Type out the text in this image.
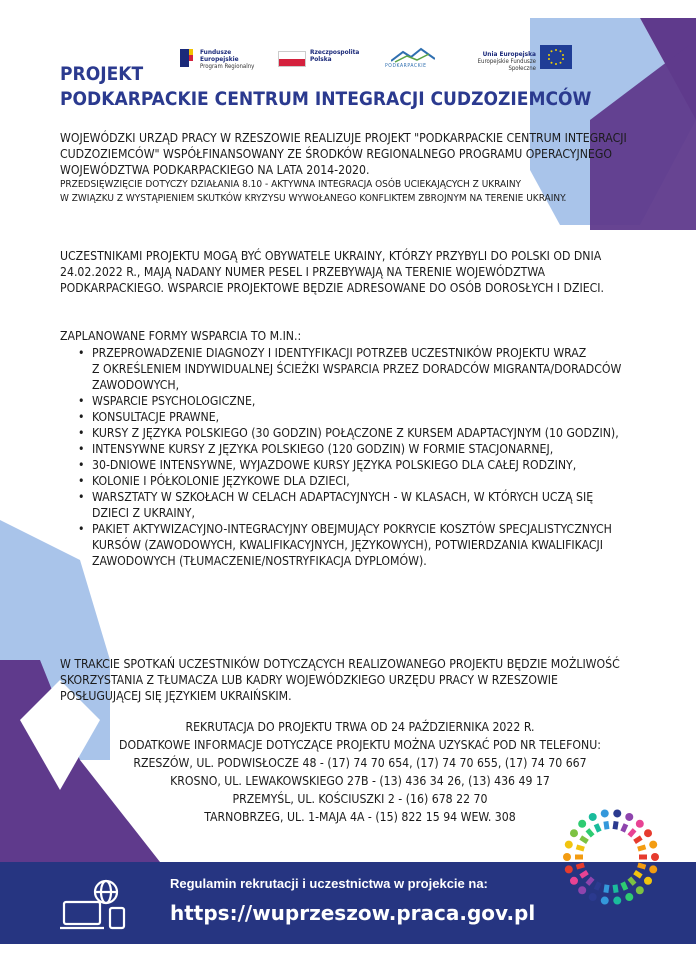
Fundusze Europejskie
Program Regionalny
Rzeczpospolita Polska
PODKARPACKIE
Unia Europejska
Europejskie Fundusze Społeczne
PROJEKT
PODKARPACKIE CENTRUM INTEGRACJI CUDZOZIEMCÓW
WOJEWÓDZKI URZĄD PRACY W RZESZOWIE REALIZUJE PROJEKT "PODKARPACKIE CENTRUM INTEGRACJI
CUDZOZIEMCÓW" WSPÓŁFINANSOWANY ZE ŚRODKÓW REGIONALNEGO PROGRAMU OPERACYJNEGO
WOJEWÓDZTWA PODKARPACKIEGO NA LATA 2014-2020.
PRZEDSIĘWZIĘCIE DOTYCZY DZIAŁANIA 8.10 - AKTYWNA INTEGRACJA OSÓB UCIEKAJĄCYCH Z UKRAINY
W ZWIĄZKU Z WYSTĄPIENIEM SKUTKÓW KRYZYSU WYWOŁANEGO KONFLIKTEM ZBROJNYM NA TERENIE UKRAINY.
UCZESTNIKAMI PROJEKTU MOGĄ BYĆ OBYWATELE UKRAINY, KTÓRZY PRZYBYLI DO POLSKI OD DNIA
24.02.2022 R., MAJĄ NADANY NUMER PESEL I PRZEBYWAJĄ NA TERENIE WOJEWÓDZTWA
PODKARPACKIEGO. WSPARCIE PROJEKTOWE BĘDZIE ADRESOWANE DO OSÓB DOROSŁYCH I DZIECI.
ZAPLANOWANE FORMY WSPARCIA TO M.IN.:
• PRZEPROWADZENIE DIAGNOZY I IDENTYFIKACJI POTRZEB UCZESTNIKÓW PROJEKTU WRAZ
Z OKREŚLENIEM INDYWIDUALNEJ ŚCIEŻKI WSPARCIA PRZEZ DORADCÓW MIGRANTA/DORADCÓW
ZAWODOWYCH,
• WSPARCIE PSYCHOLOGICZNE,
• KONSULTACJE PRAWNE,
• KURSY Z JĘZYKA POLSKIEGO (30 GODZIN) POŁĄCZONE Z KURSEM ADAPTACYJNYM (10 GODZIN),
• INTENSYWNE KURSY Z JĘZYKA POLSKIEGO (120 GODZIN) W FORMIE STACJONARNEJ,
• 30-DNIOWE INTENSYWNE, WYJAZDOWE KURSY JĘZYKA POLSKIEGO DLA CAŁEJ RODZINY,
• KOLONIE I PÓŁKOLONIE JĘZYKOWE DLA DZIECI,
• WARSZTATY W SZKOŁACH W CELACH ADAPTACYJNYCH - W KLASACH, W KTÓRYCH UCZĄ SIĘ
DZIECI Z UKRAINY,
• PAKIET AKTYWIZACYJNO-INTEGRACYJNY OBEJMUJĄCY POKRYCIE KOSZTÓW SPECJALISTYCZNYCH
KURSÓW (ZAWODOWYCH, KWALIFIKACYJNYCH, JĘZYKOWYCH), POTWIERDZANIA KWALIFIKACJI
ZAWODOWYCH (TŁUMACZENIE/NOSTRYFIKACJA DYPLOMÓW).
W TRAKCIE SPOTKAŃ UCZESTNIKÓW DOTYCZĄCYCH REALIZOWANEGO PROJEKTU BĘDZIE MOŻLIWOŚĆ
SKORZYSTANIA Z TŁUMACZA LUB KADRY WOJEWÓDZKIEGO URZĘDU PRACY W RZESZOWIE
POSŁUGUJĄCEJ SIĘ JĘZYKIEM UKRAIŃSKIM.
REKRUTACJA DO PROJEKTU TRWA OD 24 PAŹDZIERNIKA 2022 R.
DODATKOWE INFORMACJE DOTYCZĄCE PROJEKTU MOŻNA UZYSKAĆ POD NR TELEFONU:
RZESZÓW, UL. PODWISŁOCZE 48 - (17) 74 70 654, (17) 74 70 655, (17) 74 70 667
KROSNO, UL. LEWAKOWSKIEGO 27B - (13) 436 34 26, (13) 436 49 17
PRZEMYŚL, UL. KOŚCIUSZKI 2 - (16) 678 22 70
TARNOBRZEG, UL. 1-MAJA 4A - (15) 822 15 94 WEW. 308
Regulamin rekrutacji i uczestnictwa w projekcie na:
https://wuprzeszow.praca.gov.pl
